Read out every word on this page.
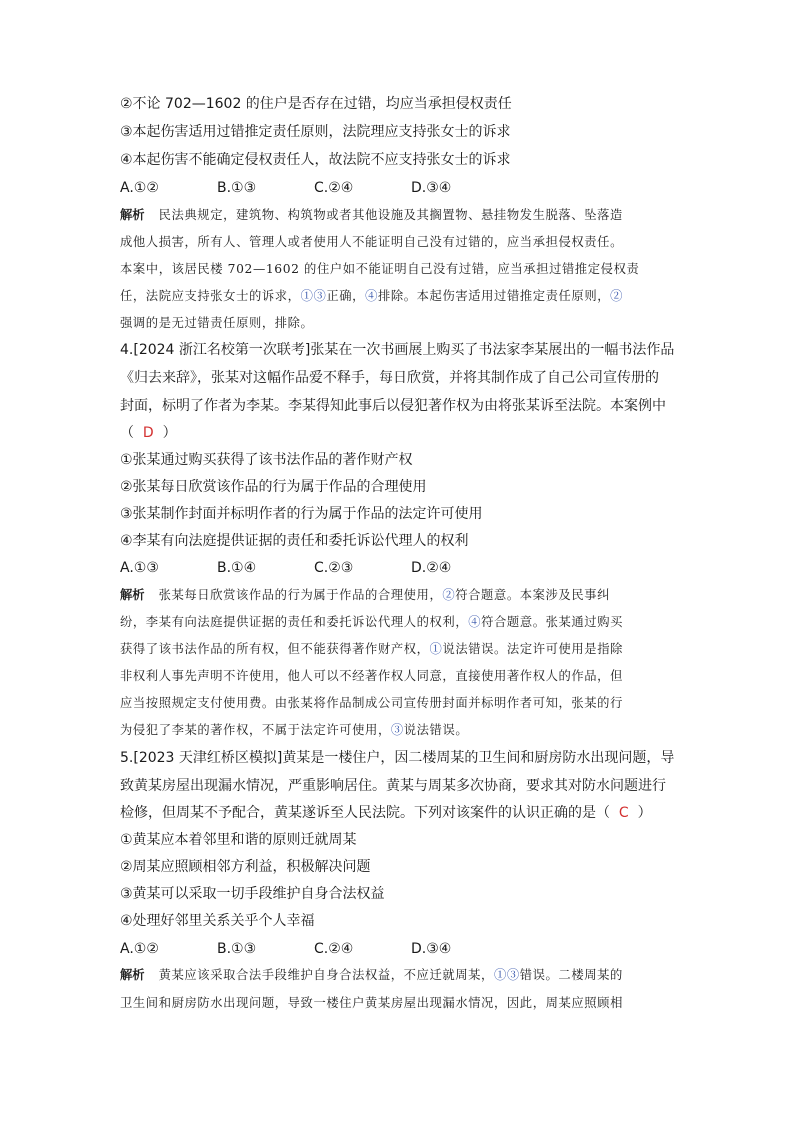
②不论 702—1602 的住户是否存在过错，均应当承担侵权责任
③本起伤害适用过错推定责任原则，法院理应支持张女士的诉求
④本起伤害不能确定侵权责任人，故法院不应支持张女士的诉求
A.①②	B.①③	C.②④	D.③④
解析 民法典规定，建筑物、构筑物或者其他设施及其搁置物、悬挂物发生脱落、坠落造
成他人损害，所有人、管理人或者使用人不能证明自己没有过错的，应当承担侵权责任。
本案中，该居民楼 702—1602 的住户如不能证明自己没有过错，应当承担过错推定侵权责
任，法院应支持张女士的诉求，①③正确，④排除。本起伤害适用过错推定责任原则，②
强调的是无过错责任原则，排除。
4.[2024 浙江名校第一次联考]张某在一次书画展上购买了书法家李某展出的一幅书法作品
《归去来辞》，张某对这幅作品爱不释手，每日欣赏，并将其制作成了自己公司宣传册的
封面，标明了作者为李某。李某得知此事后以侵犯著作权为由将张某诉至法院。本案例中
（ D ）
①张某通过购买获得了该书法作品的著作财产权
②张某每日欣赏该作品的行为属于作品的合理使用
③张某制作封面并标明作者的行为属于作品的法定许可使用
④李某有向法庭提供证据的责任和委托诉讼代理人的权利
A.①③	B.①④	C.②③	D.②④
解析 张某每日欣赏该作品的行为属于作品的合理使用，②符合题意。本案涉及民事纠
纷，李某有向法庭提供证据的责任和委托诉讼代理人的权利，④符合题意。张某通过购买
获得了该书法作品的所有权，但不能获得著作财产权，①说法错误。法定许可使用是指除
非权利人事先声明不许使用，他人可以不经著作权人同意，直接使用著作权人的作品，但
应当按照规定支付使用费。由张某将作品制成公司宣传册封面并标明作者可知，张某的行
为侵犯了李某的著作权，不属于法定许可使用，③说法错误。
5.[2023 天津红桥区模拟]黄某是一楼住户，因二楼周某的卫生间和厨房防水出现问题，导
致黄某房屋出现漏水情况，严重影响居住。黄某与周某多次协商，要求其对防水问题进行
检修，但周某不予配合，黄某遂诉至人民法院。下列对该案件的认识正确的是（ C ）
①黄某应本着邻里和谐的原则迁就周某
②周某应照顾相邻方利益，积极解决问题
③黄某可以采取一切手段维护自身合法权益
④处理好邻里关系关乎个人幸福
A.①②	B.①③	C.②④	D.③④
解析 黄某应该采取合法手段维护自身合法权益，不应迁就周某，①③错误。二楼周某的
卫生间和厨房防水出现问题，导致一楼住户黄某房屋出现漏水情况，因此，周某应照顾相
